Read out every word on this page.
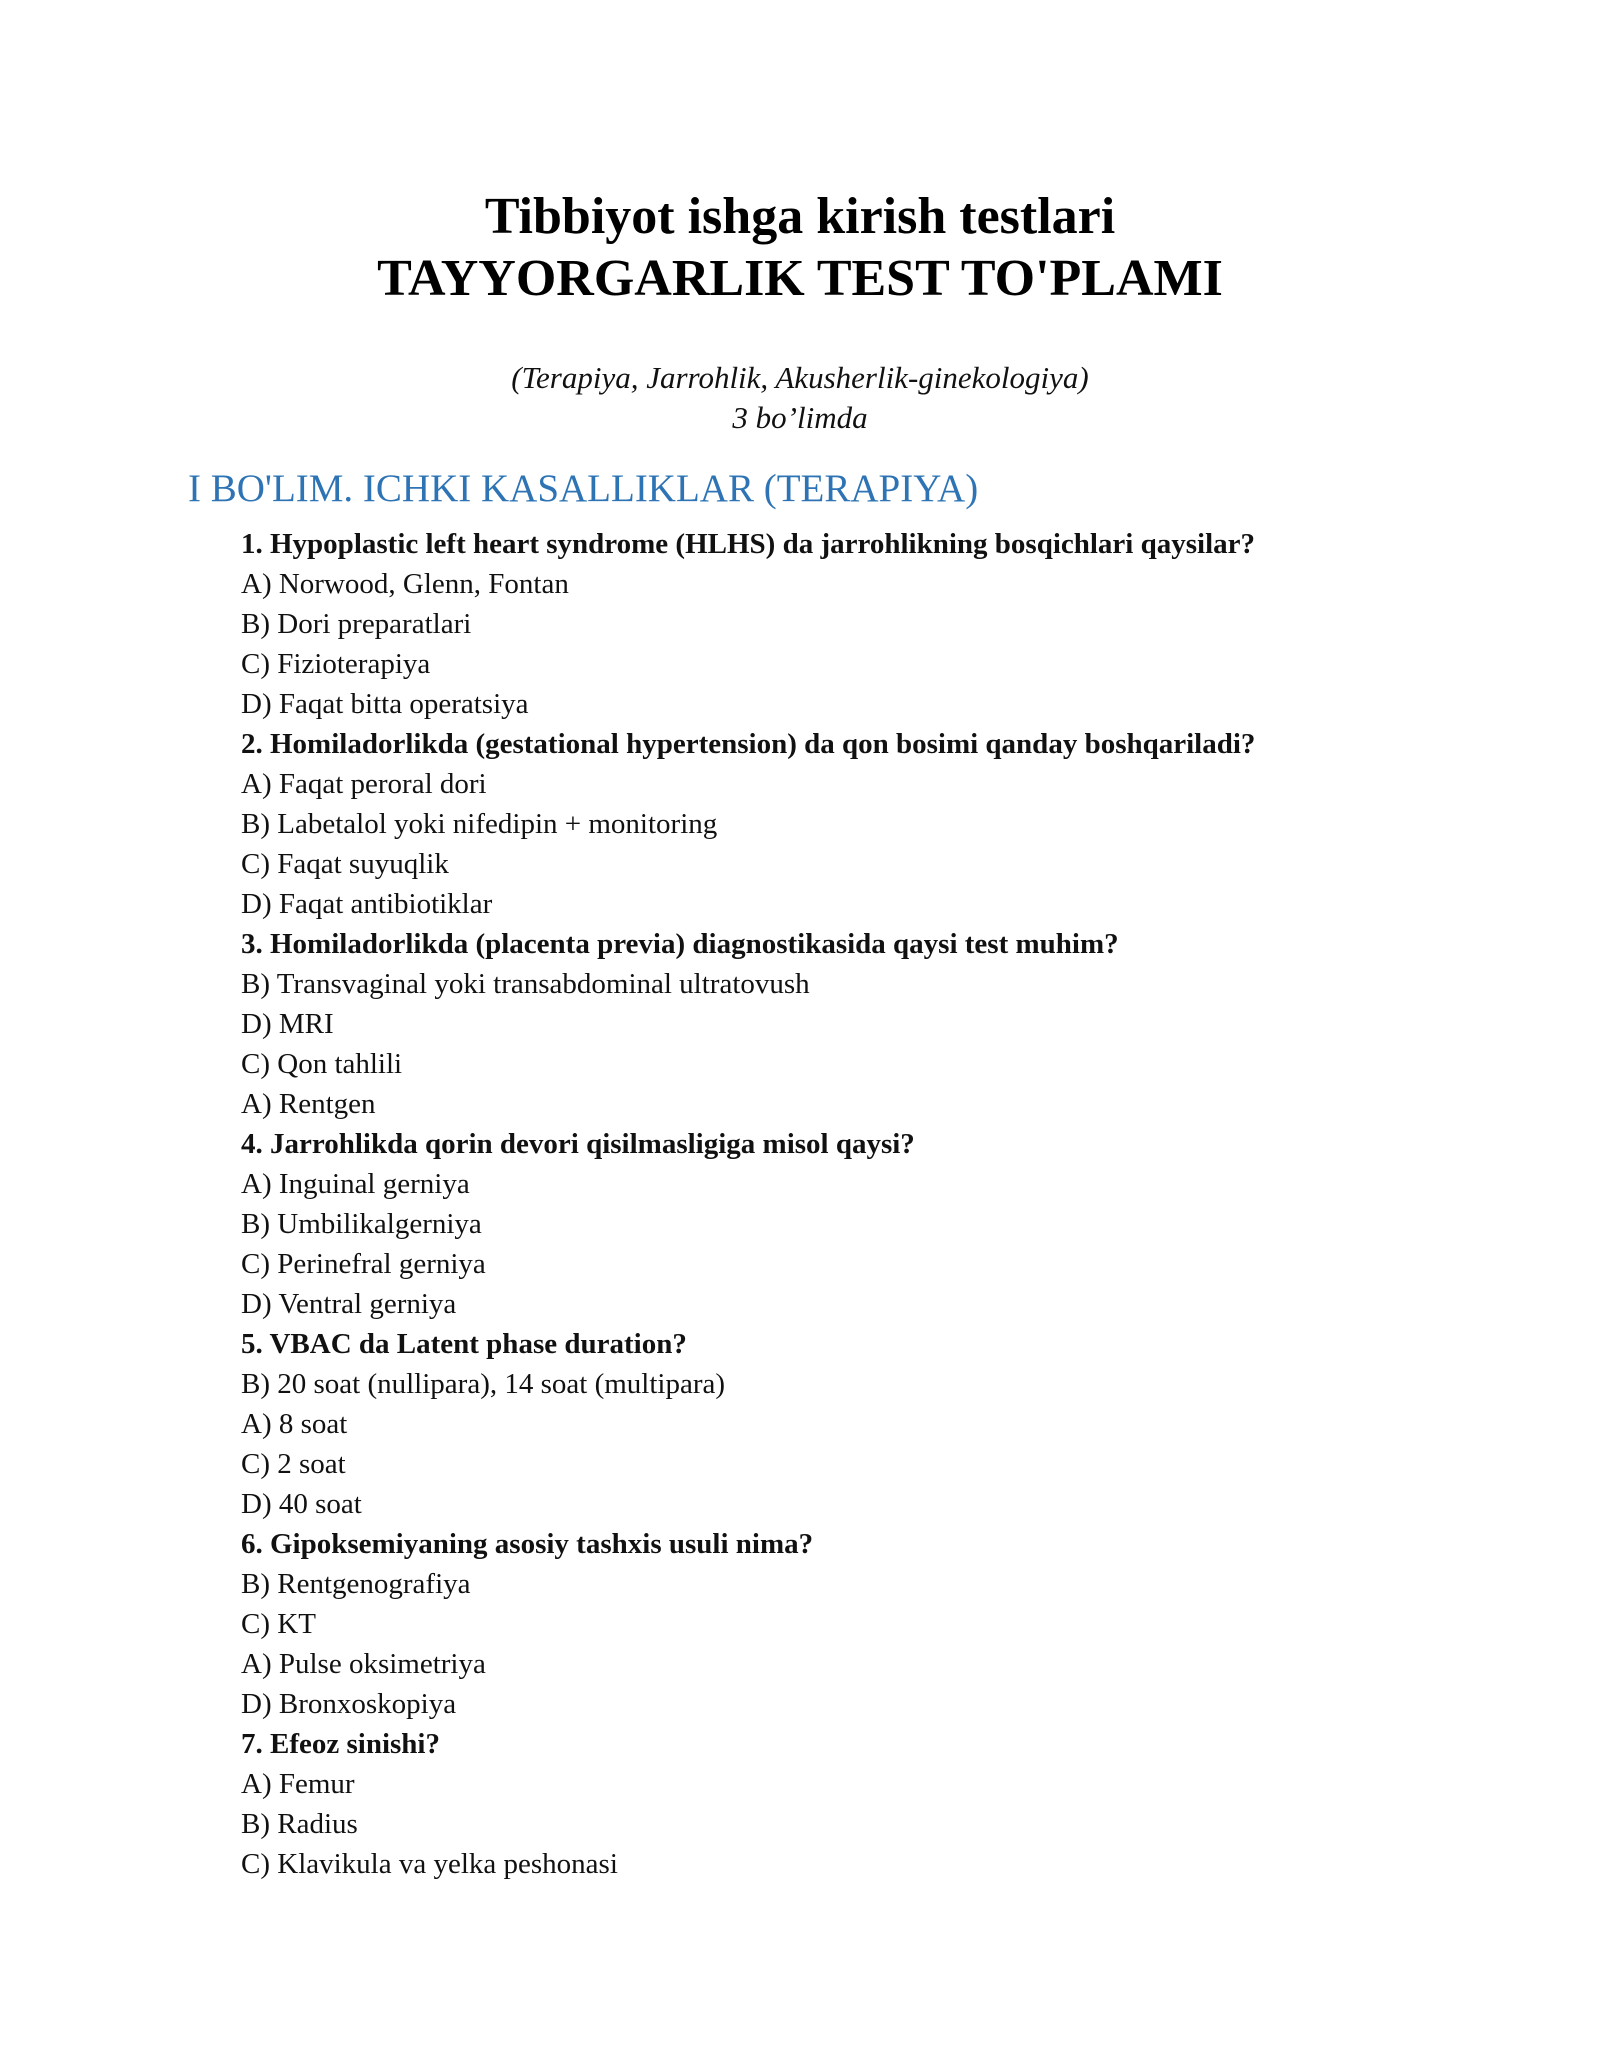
Tibbiyot ishga kirish testlari

TAYYORGARLIK TEST TO'PLAMI

(Terapiya, Jarrohlik, Akusherlik-ginekologiya)

3 bo’limda

I BO'LIM. ICHKI KASALLIKLAR (TERAPIYA)

1. Hypoplastic left heart syndrome (HLHS) da jarrohlikning bosqichlari qaysilar?

A) Norwood, Glenn, Fontan

B) Dori preparatlari

C) Fizioterapiya

D) Faqat bitta operatsiya

2. Homiladorlikda (gestational hypertension) da qon bosimi qanday boshqariladi?

A) Faqat peroral dori

B) Labetalol yoki nifedipin + monitoring

C) Faqat suyuqlik

D) Faqat antibiotiklar

3. Homiladorlikda (placenta previa) diagnostikasida qaysi test muhim?

B) Transvaginal yoki transabdominal ultratovush

D) MRI

C) Qon tahlili

A) Rentgen

4. Jarrohlikda qorin devori qisilmasligiga misol qaysi?

A) Inguinal gerniya

B) Umbilikalgerniya

C) Perinefral gerniya

D) Ventral gerniya

5. VBAC da Latent phase duration?

B) 20 soat (nullipara), 14 soat (multipara)

A) 8 soat

C) 2 soat

D) 40 soat

6. Gipoksemiyaning asosiy tashxis usuli nima?

B) Rentgenografiya

C) KT

A) Pulse oksimetriya

D) Bronxoskopiya

7. Efeoz sinishi?

A) Femur

B) Radius

C) Klavikula va yelka peshonasi
